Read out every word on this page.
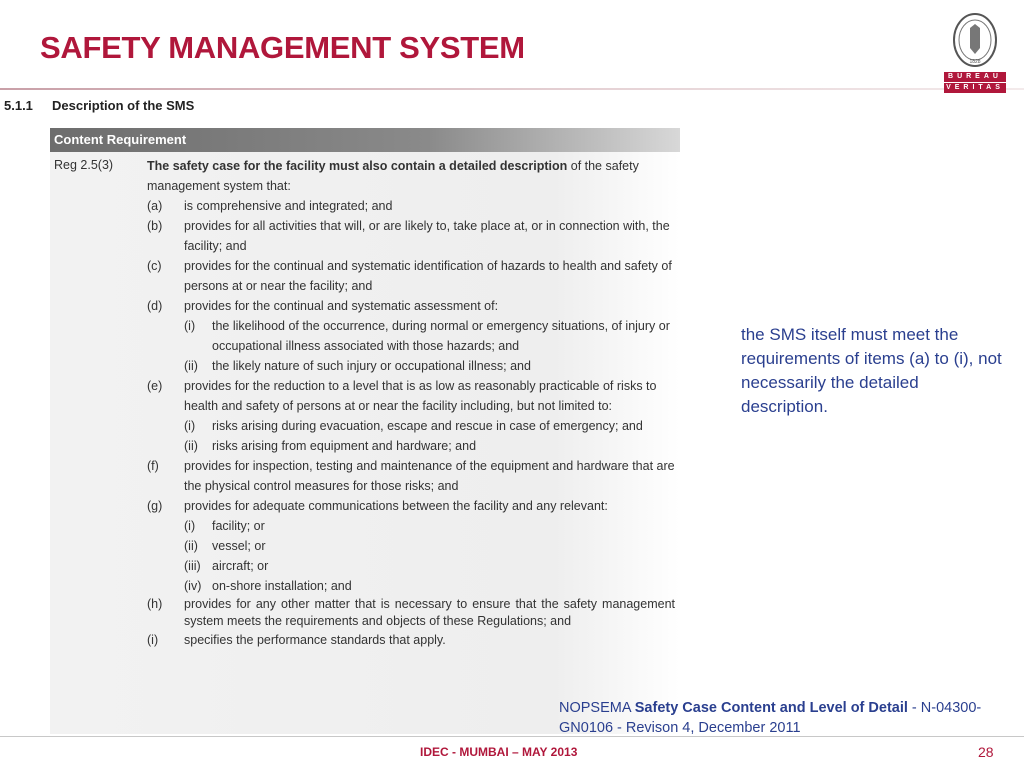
SAFETY MANAGEMENT SYSTEM	1828
BUREAU
VERITAS
5.1.1 Description of the SMS
Content Requirement
Reg 2.5(3)	The safety case for the facility must also contain a detailed description of the safety management system that:
(a) is comprehensive and integrated; and
(b) provides for all activities that will, or are likely to, take place at, or in connection with, the facility; and
(c) provides for the continual and systematic identification of hazards to health and safety of persons at or near the facility; and
(d) provides for the continual and systematic assessment of:
(i) the likelihood of the occurrence, during normal or emergency situations, of injury or occupational illness associated with those hazards; and
(ii) the likely nature of such injury or occupational illness; and
(e) provides for the reduction to a level that is as low as reasonably practicable of risks to health and safety of persons at or near the facility including, but not limited to:
(i) risks arising during evacuation, escape and rescue in case of emergency; and
(ii) risks arising from equipment and hardware; and
(f) provides for inspection, testing and maintenance of the equipment and hardware that are the physical control measures for those risks; and
(g) provides for adequate communications between the facility and any relevant:
(i) facility; or
(ii) vessel; or
(iii) aircraft; or
(iv) on-shore installation; and
(h) provides for any other matter that is necessary to ensure that the safety management system meets the requirements and objects of these Regulations; and
(i) specifies the performance standards that apply.
the SMS itself must meet the requirements of items (a) to (i), not necessarily the detailed description.
NOPSEMA Safety Case Content and Level of Detail - N-04300-GN0106 - Revison 4, December 2011
IDEC - MUMBAI – MAY 2013	28
